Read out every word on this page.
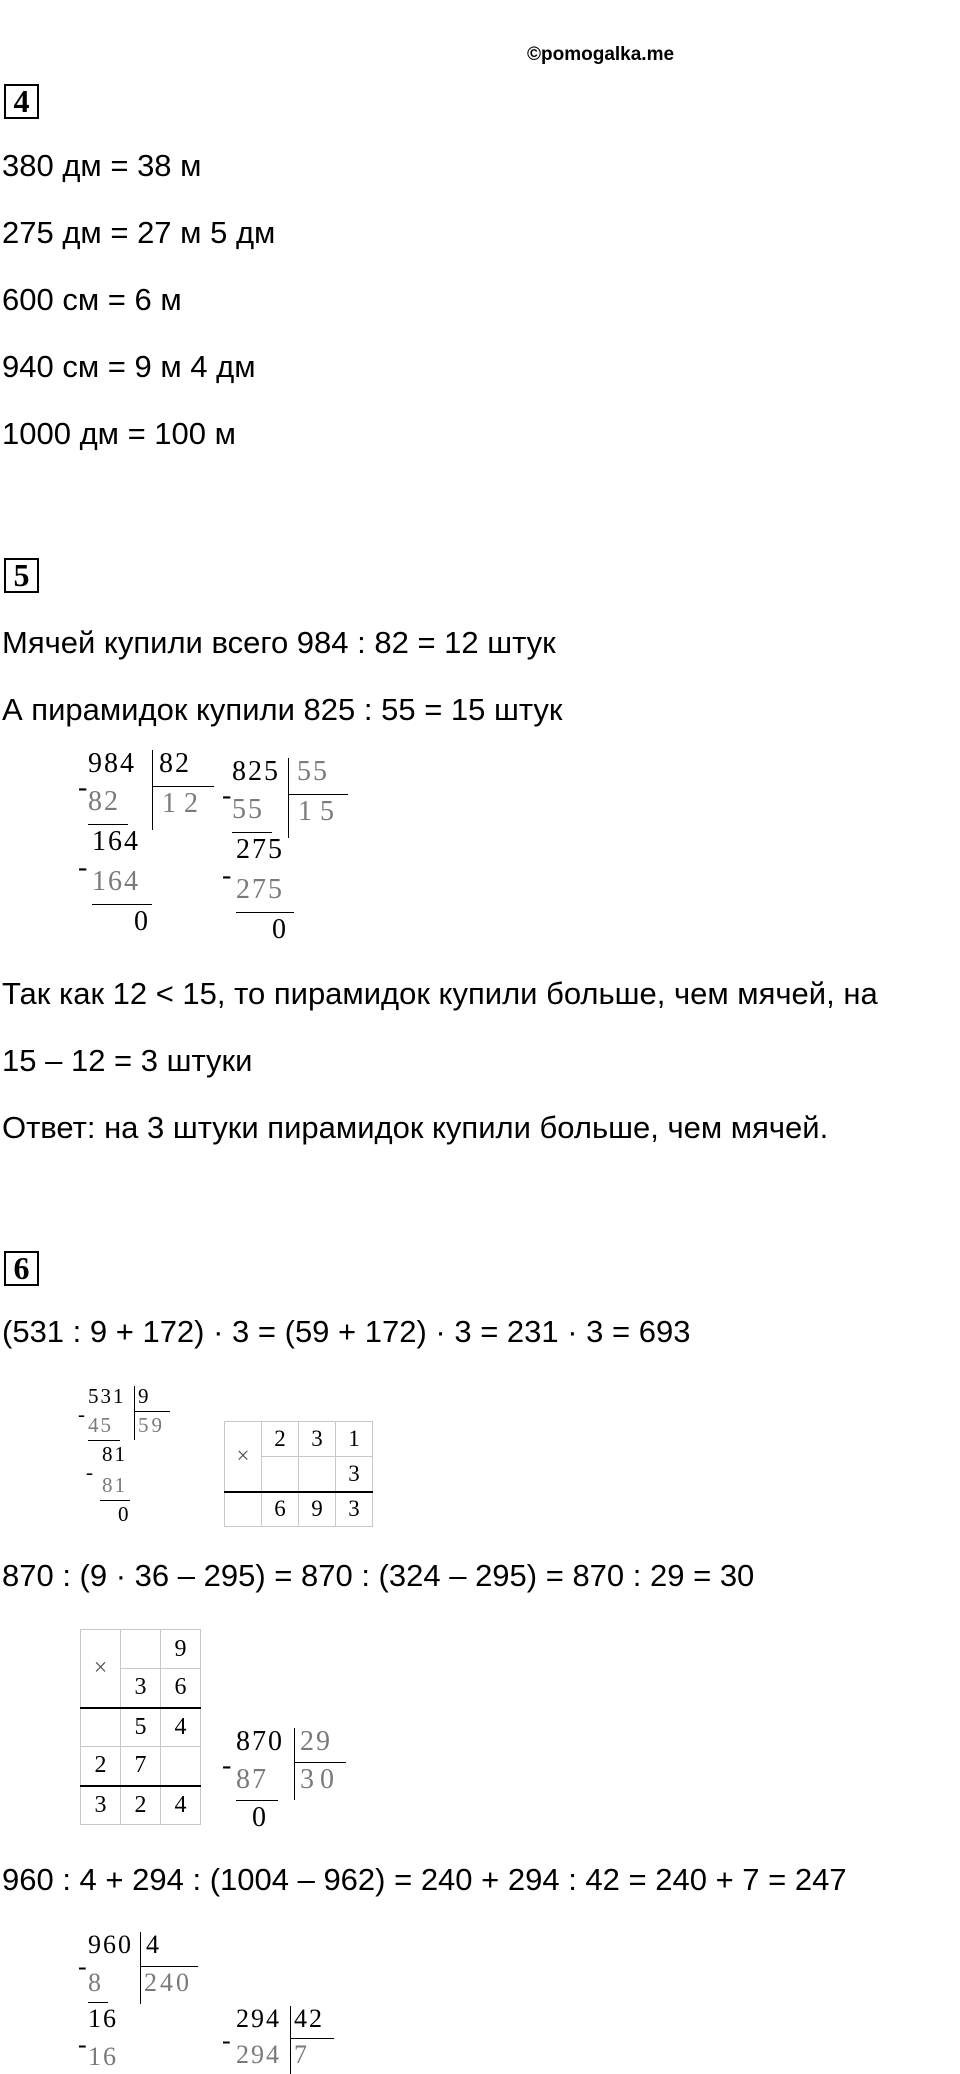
©pomogalka.me
4
380 дм = 38 м
275 дм = 27 м 5 дм
600 см = 6 м
940 см = 9 м 4 дм
1000 дм = 100 м
5
Мячей купили всего 984 : 82 = 12 штук
А пирамидок купили 825 : 55 = 15 штук
984 82
12
-
82
164
- 164
0
825 55
15
-
55
275
- 275
0
Так как 12 < 15, то пирамидок купили больше, чем мячей, на
15 – 12 = 3 штуки
Ответ: на 3 штуки пирамидок купили больше, чем мячей.
6
(531 : 9 + 172) · 3 = (59 + 172) · 3 = 231 · 3 = 693
531 9
59
- 45
81
-
81
0
×	2	3	1
			3
	6	9	3
870 : (9 · 36 – 295) = 870 : (324 – 295) = 870 : 29 = 30
×		9
	3	6
	5	4
2	7	
3	2	4
870 29
30
- 87
0
960 : 4 + 294 : (1004 – 962) = 240 + 294 : 42 = 240 + 7 = 247
960 4
240
-
8
16
- 16
294 42
7
- 294
